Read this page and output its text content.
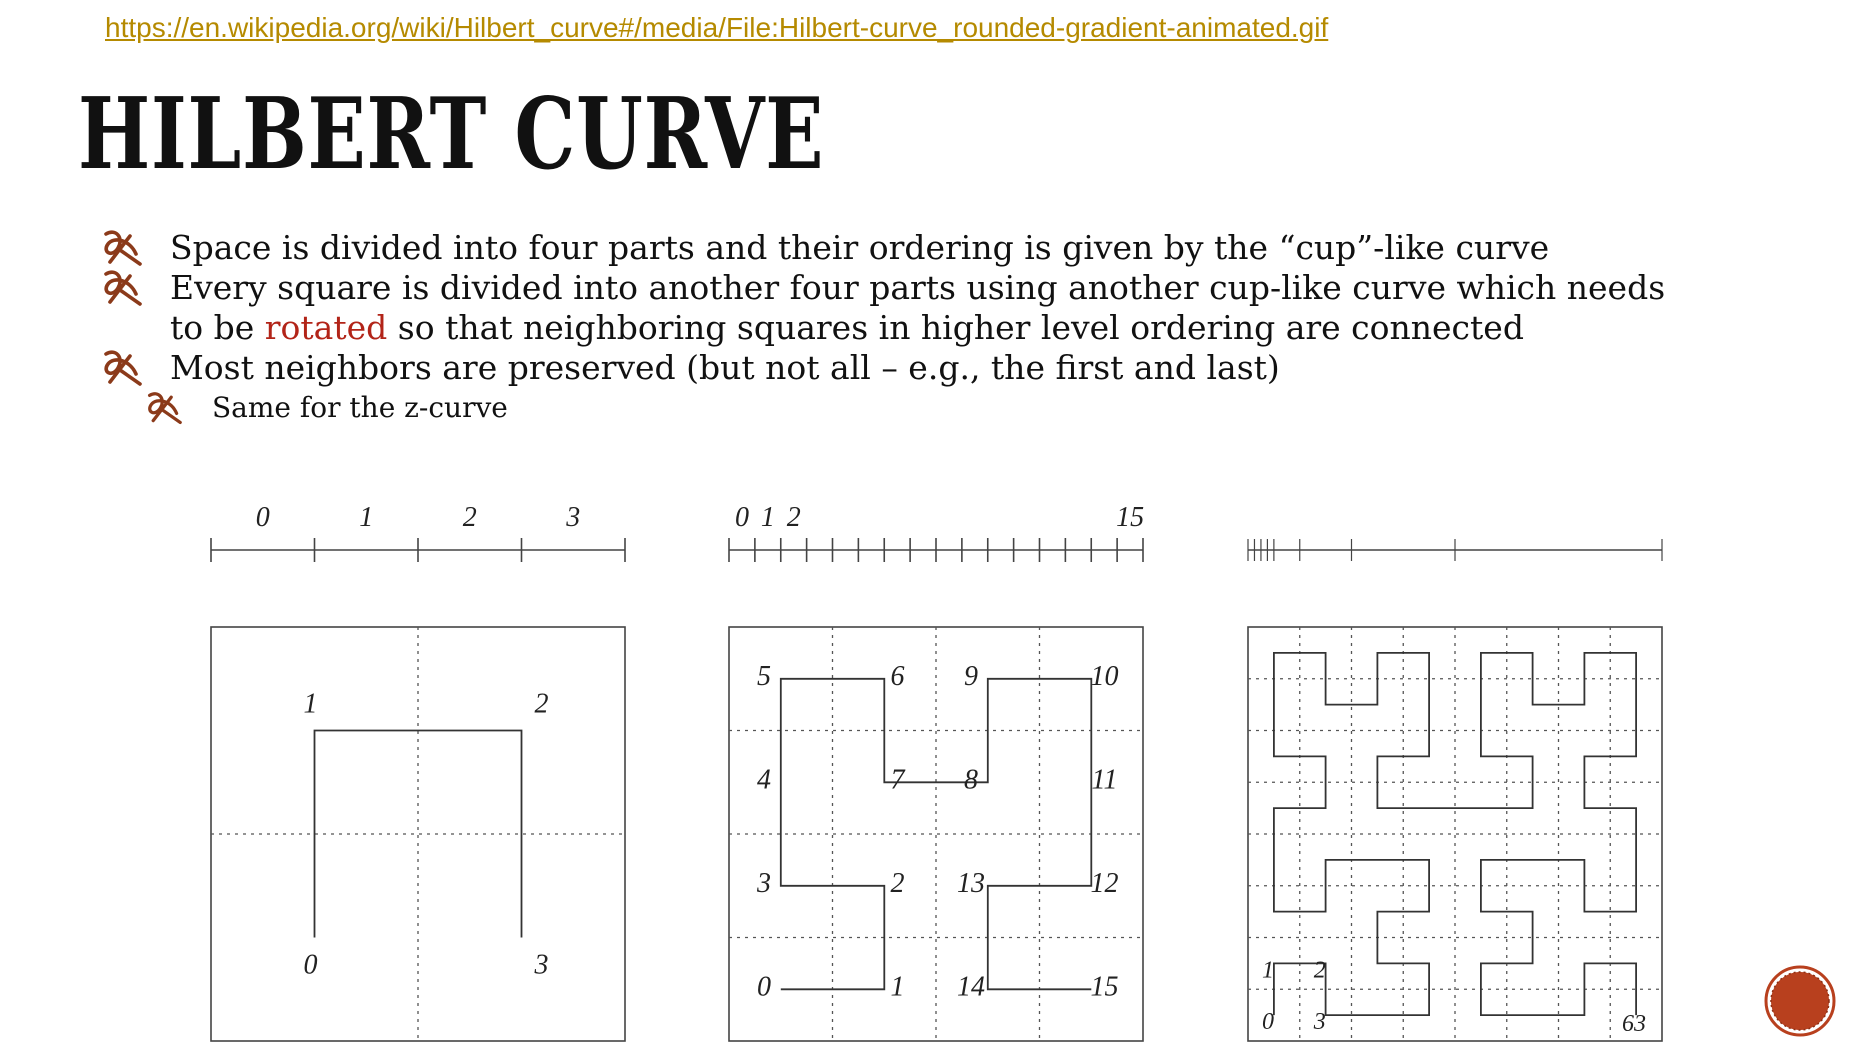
https://en.wikipedia.org/wiki/Hilbert_curve#/media/File:Hilbert-curve_rounded-gradient-animated.gif
HILBERT CURVE
Space is divided into four parts and their ordering is given by the “cup”-like curve
Every square is divided into another four parts using another cup-like curve which needs
to be rotated so that neighboring squares in higher level ordering are connected
Most neighbors are preserved (but not all – e.g., the first and last)
Same for the z-curve
0	1	2	3
0
1	2
3
0 1 2	15
0	1
2
3
4
5	6
7 8
9	10
11
12
13
14	15
0
1 2
3	63
